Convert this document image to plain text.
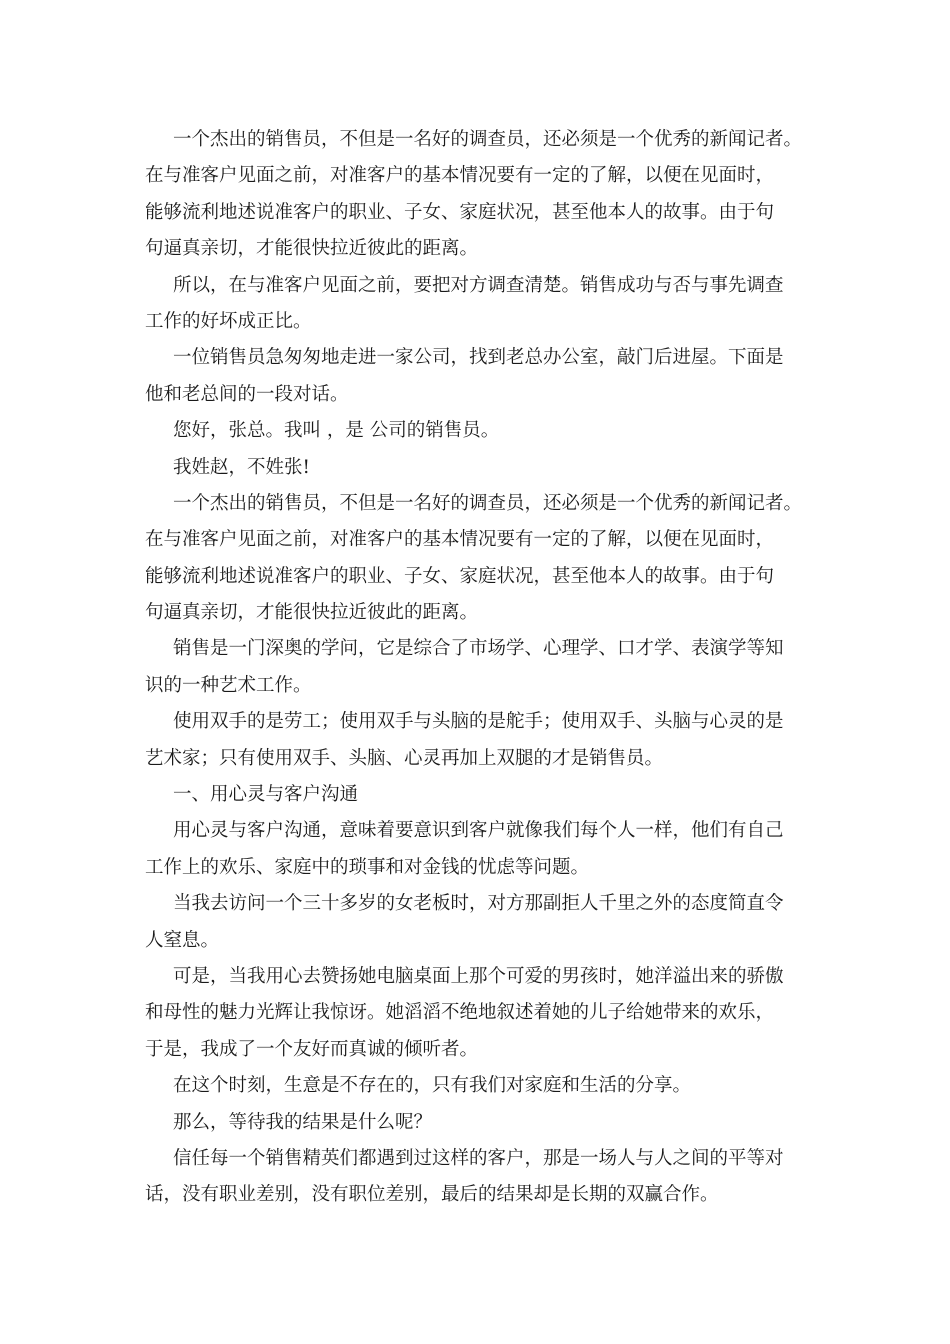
一个杰出的销售员，不但是一名好的调查员，还必须是一个优秀的新闻记者。
在与准客户见面之前，对准客户的基本情况要有一定的了解，以便在见面时，
能够流利地述说准客户的职业、子女、家庭状况，甚至他本人的故事。由于句
句逼真亲切，才能很快拉近彼此的距离。
所以，在与准客户见面之前，要把对方调查清楚。销售成功与否与事先调查
工作的好坏成正比。
一位销售员急匆匆地走进一家公司，找到老总办公室，敲门后进屋。下面是
他和老总间的一段对话。
您好，张总。我叫 ，是 公司的销售员。
我姓赵，不姓张!
一个杰出的销售员，不但是一名好的调查员，还必须是一个优秀的新闻记者。
在与准客户见面之前，对准客户的基本情况要有一定的了解，以便在见面时，
能够流利地述说准客户的职业、子女、家庭状况，甚至他本人的故事。由于句
句逼真亲切，才能很快拉近彼此的距离。
销售是一门深奥的学问，它是综合了市场学、心理学、口才学、表演学等知
识的一种艺术工作。
使用双手的是劳工；使用双手与头脑的是舵手；使用双手、头脑与心灵的是
艺术家；只有使用双手、头脑、心灵再加上双腿的才是销售员。
一、用心灵与客户沟通
用心灵与客户沟通，意味着要意识到客户就像我们每个人一样，他们有自己
工作上的欢乐、家庭中的琐事和对金钱的忧虑等问题。
当我去访问一个三十多岁的女老板时，对方那副拒人千里之外的态度简直令
人窒息。
可是，当我用心去赞扬她电脑桌面上那个可爱的男孩时，她洋溢出来的骄傲
和母性的魅力光辉让我惊讶。她滔滔不绝地叙述着她的儿子给她带来的欢乐，
于是，我成了一个友好而真诚的倾听者。
在这个时刻，生意是不存在的，只有我们对家庭和生活的分享。
那么，等待我的结果是什么呢？
信任每一个销售精英们都遇到过这样的客户，那是一场人与人之间的平等对
话，没有职业差别，没有职位差别，最后的结果却是长期的双赢合作。
